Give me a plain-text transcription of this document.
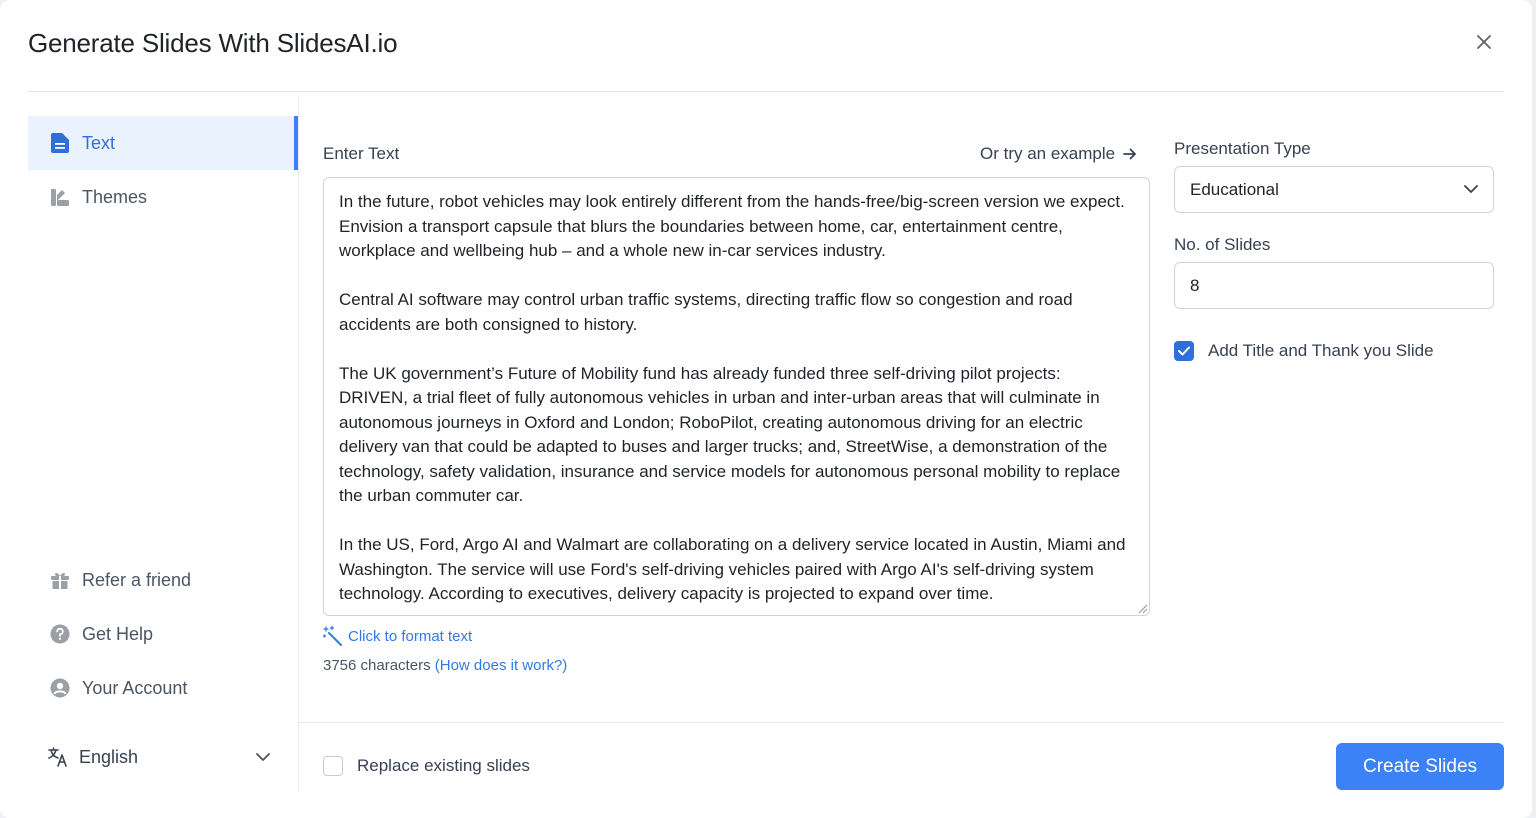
Generate Slides With SlidesAI.io
Text
Themes
Refer a friend
Get Help
Your Account
English
Enter Text	Or try an example
In the future, robot vehicles may look entirely different from the hands-free/big-screen version we expect. Envision a transport capsule that blurs the boundaries between home, car, entertainment centre, workplace and wellbeing hub – and a whole new in-car services industry.

Central AI software may control urban traffic systems, directing traffic flow so congestion and road accidents are both consigned to history.

The UK government’s Future of Mobility fund has already funded three self-driving pilot projects: DRIVEN, a trial fleet of fully autonomous vehicles in urban and inter-urban areas that will culminate in autonomous journeys in Oxford and London; RoboPilot, creating autonomous driving for an electric delivery van that could be adapted to buses and larger trucks; and, StreetWise, a demonstration of the technology, safety validation, insurance and service models for autonomous personal mobility to replace the urban commuter car.

In the US, Ford, Argo AI and Walmart are collaborating on a delivery service located in Austin, Miami and Washington. The service will use Ford's self-driving vehicles paired with Argo AI's self-driving system technology. According to executives, delivery capacity is projected to expand over time.
Click to format text
3756 characters (How does it work?)
Presentation Type
Educational
No. of Slides
8
Add Title and Thank you Slide
Replace existing slides	Create Slides
